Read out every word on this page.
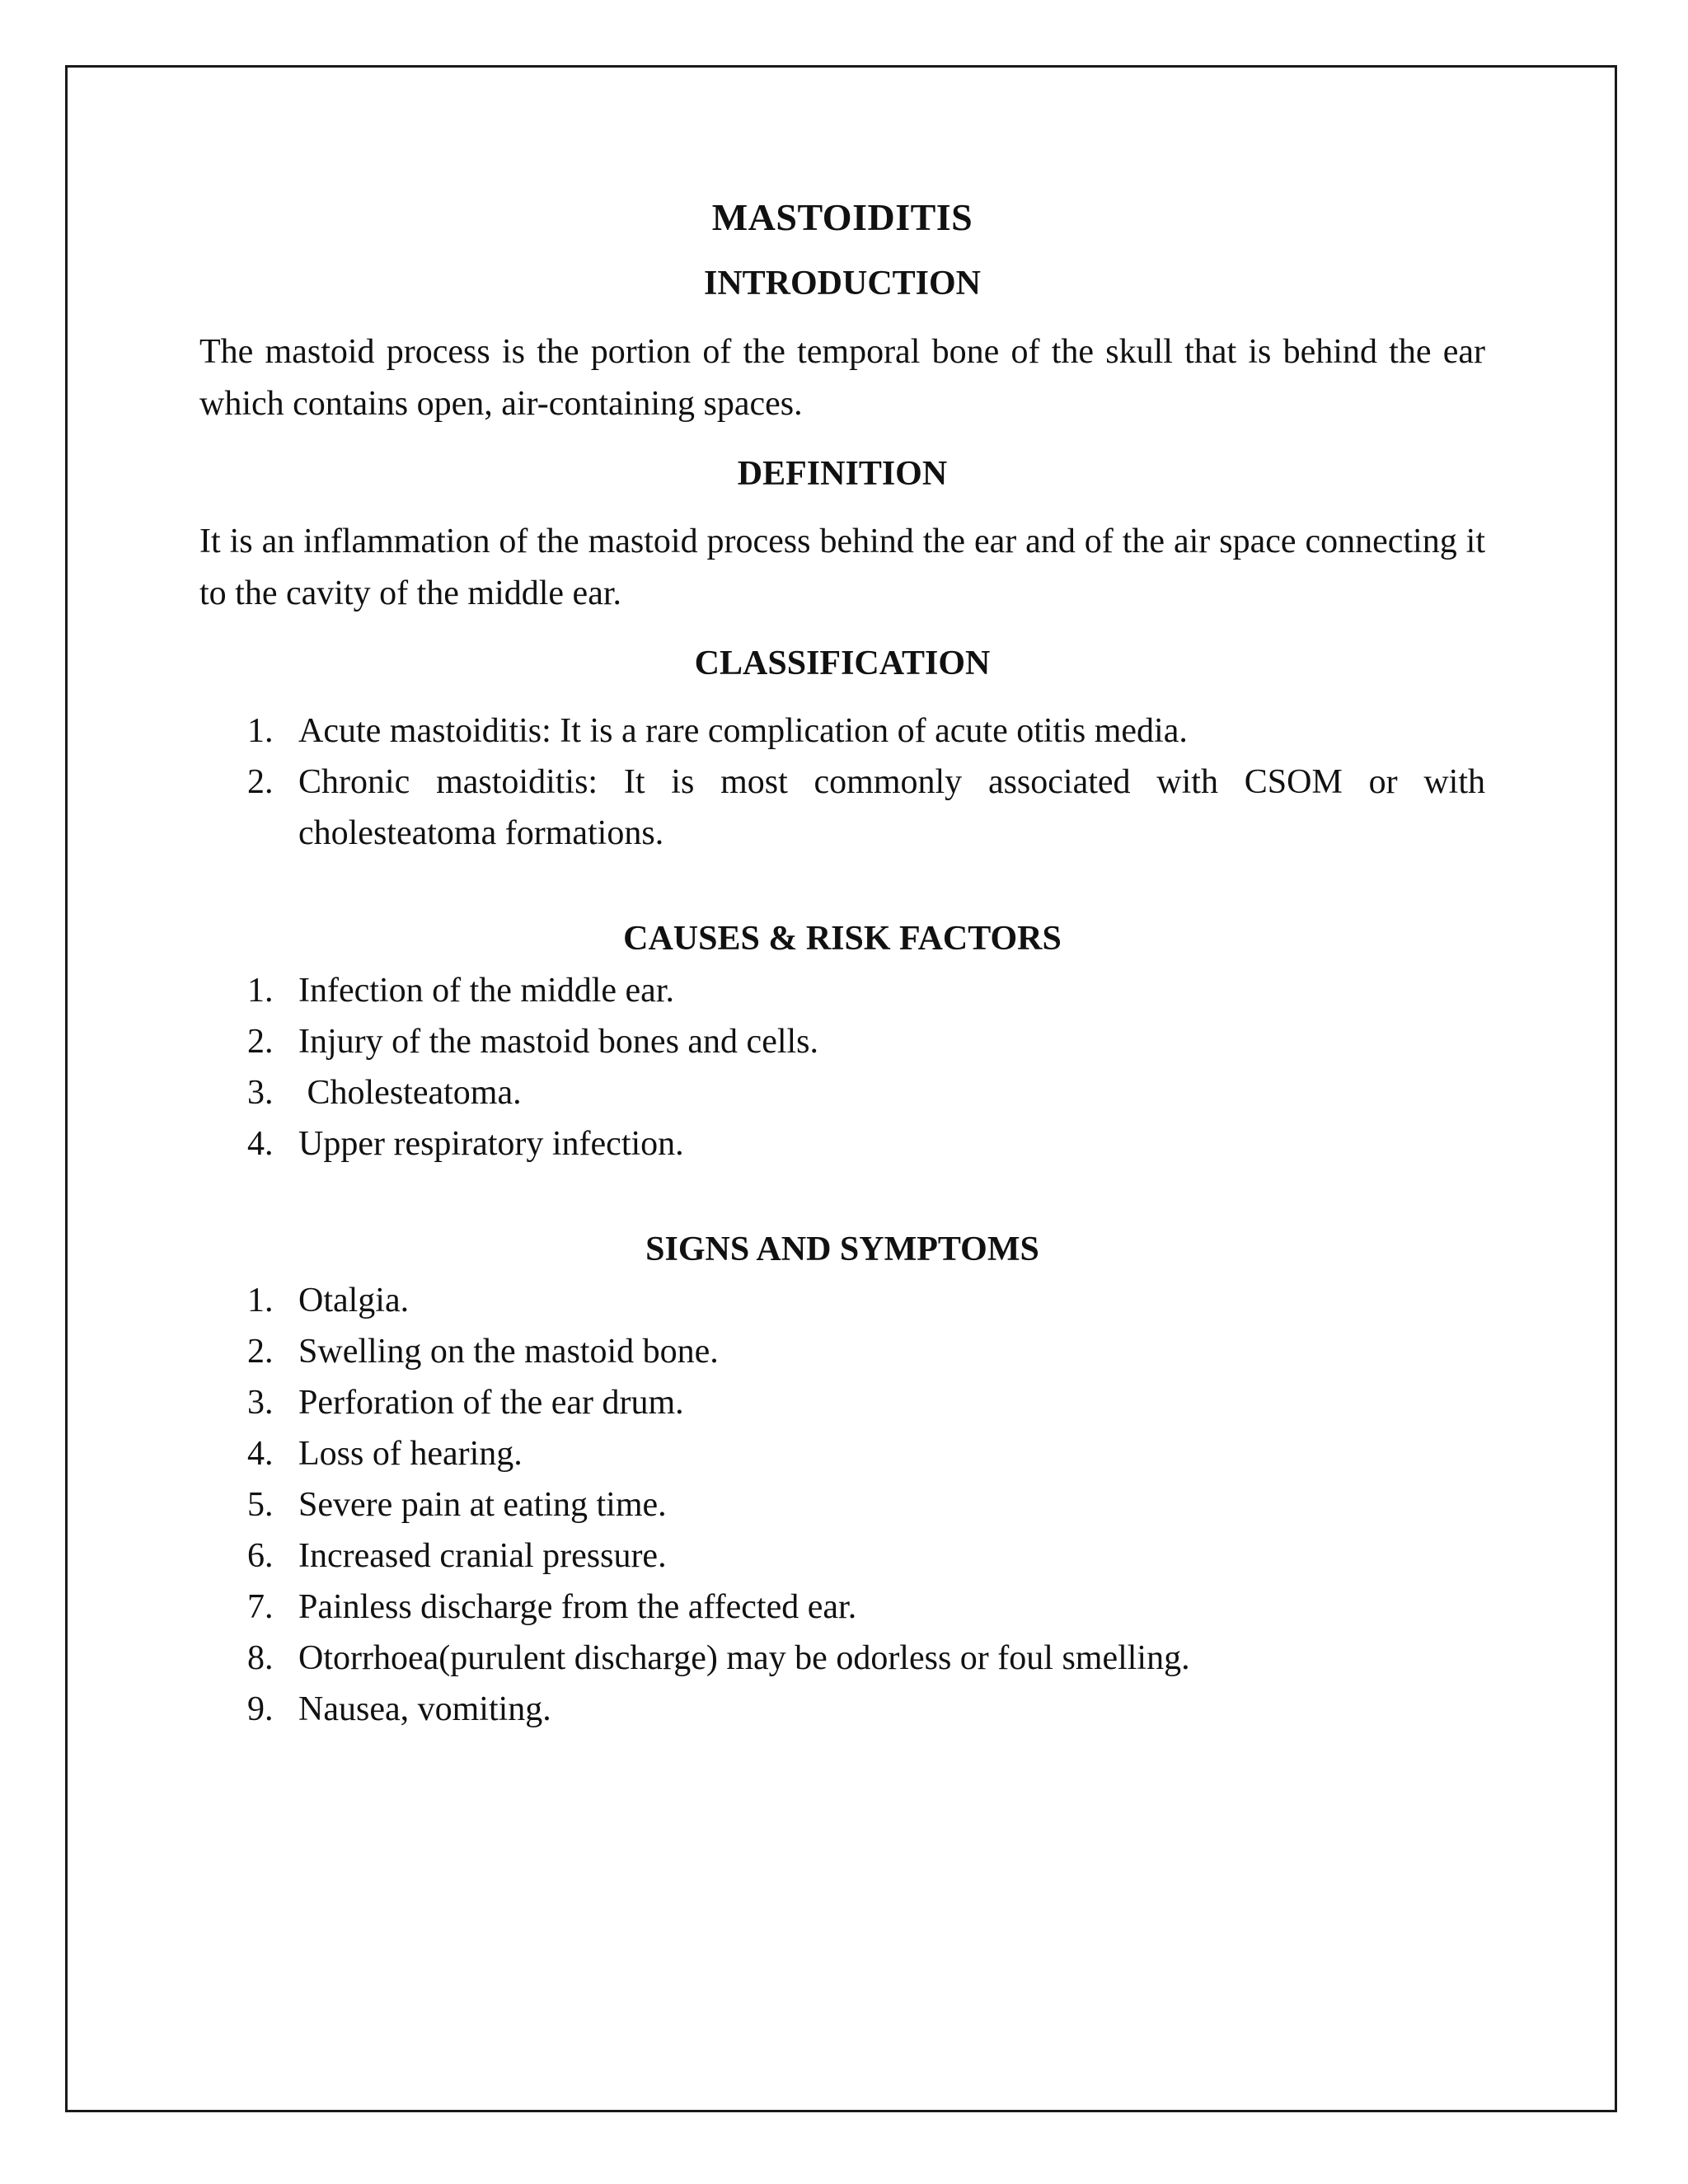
MASTOIDITIS
INTRODUCTION

The mastoid process is the portion of the temporal bone of the skull that is behind the ear which contains open, air-containing spaces.

DEFINITION

It is an inflammation of the mastoid process behind the ear and of the air space connecting it to the cavity of the middle ear.

CLASSIFICATION
1. Acute mastoiditis: It is a rare complication of acute otitis media.
2. Chronic mastoiditis: It is most commonly associated with CSOM or with cholesteatoma formations.
CAUSES & RISK FACTORS
1. Infection of the middle ear.
2. Injury of the mastoid bones and cells.
3. Cholesteatoma.
4. Upper respiratory infection.
SIGNS AND SYMPTOMS
1. Otalgia.
2. Swelling on the mastoid bone.
3. Perforation of the ear drum.
4. Loss of hearing.
5. Severe pain at eating time.
6. Increased cranial pressure.
7. Painless discharge from the affected ear.
8. Otorrhoea(purulent discharge) may be odorless or foul smelling.
9. Nausea, vomiting.
